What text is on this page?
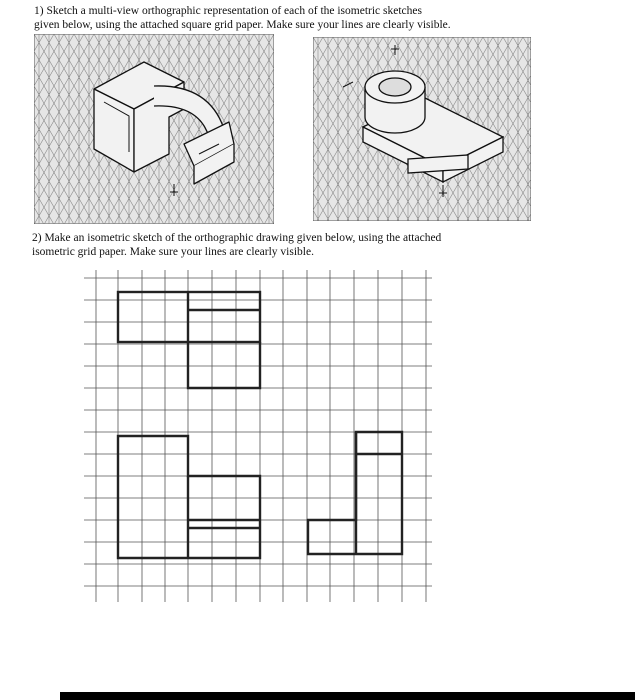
1) Sketch a multi-view orthographic representation of each of the isometric sketches
given below, using the attached square grid paper. Make sure your lines are clearly visible.
2) Make an isometric sketch of the orthographic drawing given below, using the attached
isometric grid paper. Make sure your lines are clearly visible.
